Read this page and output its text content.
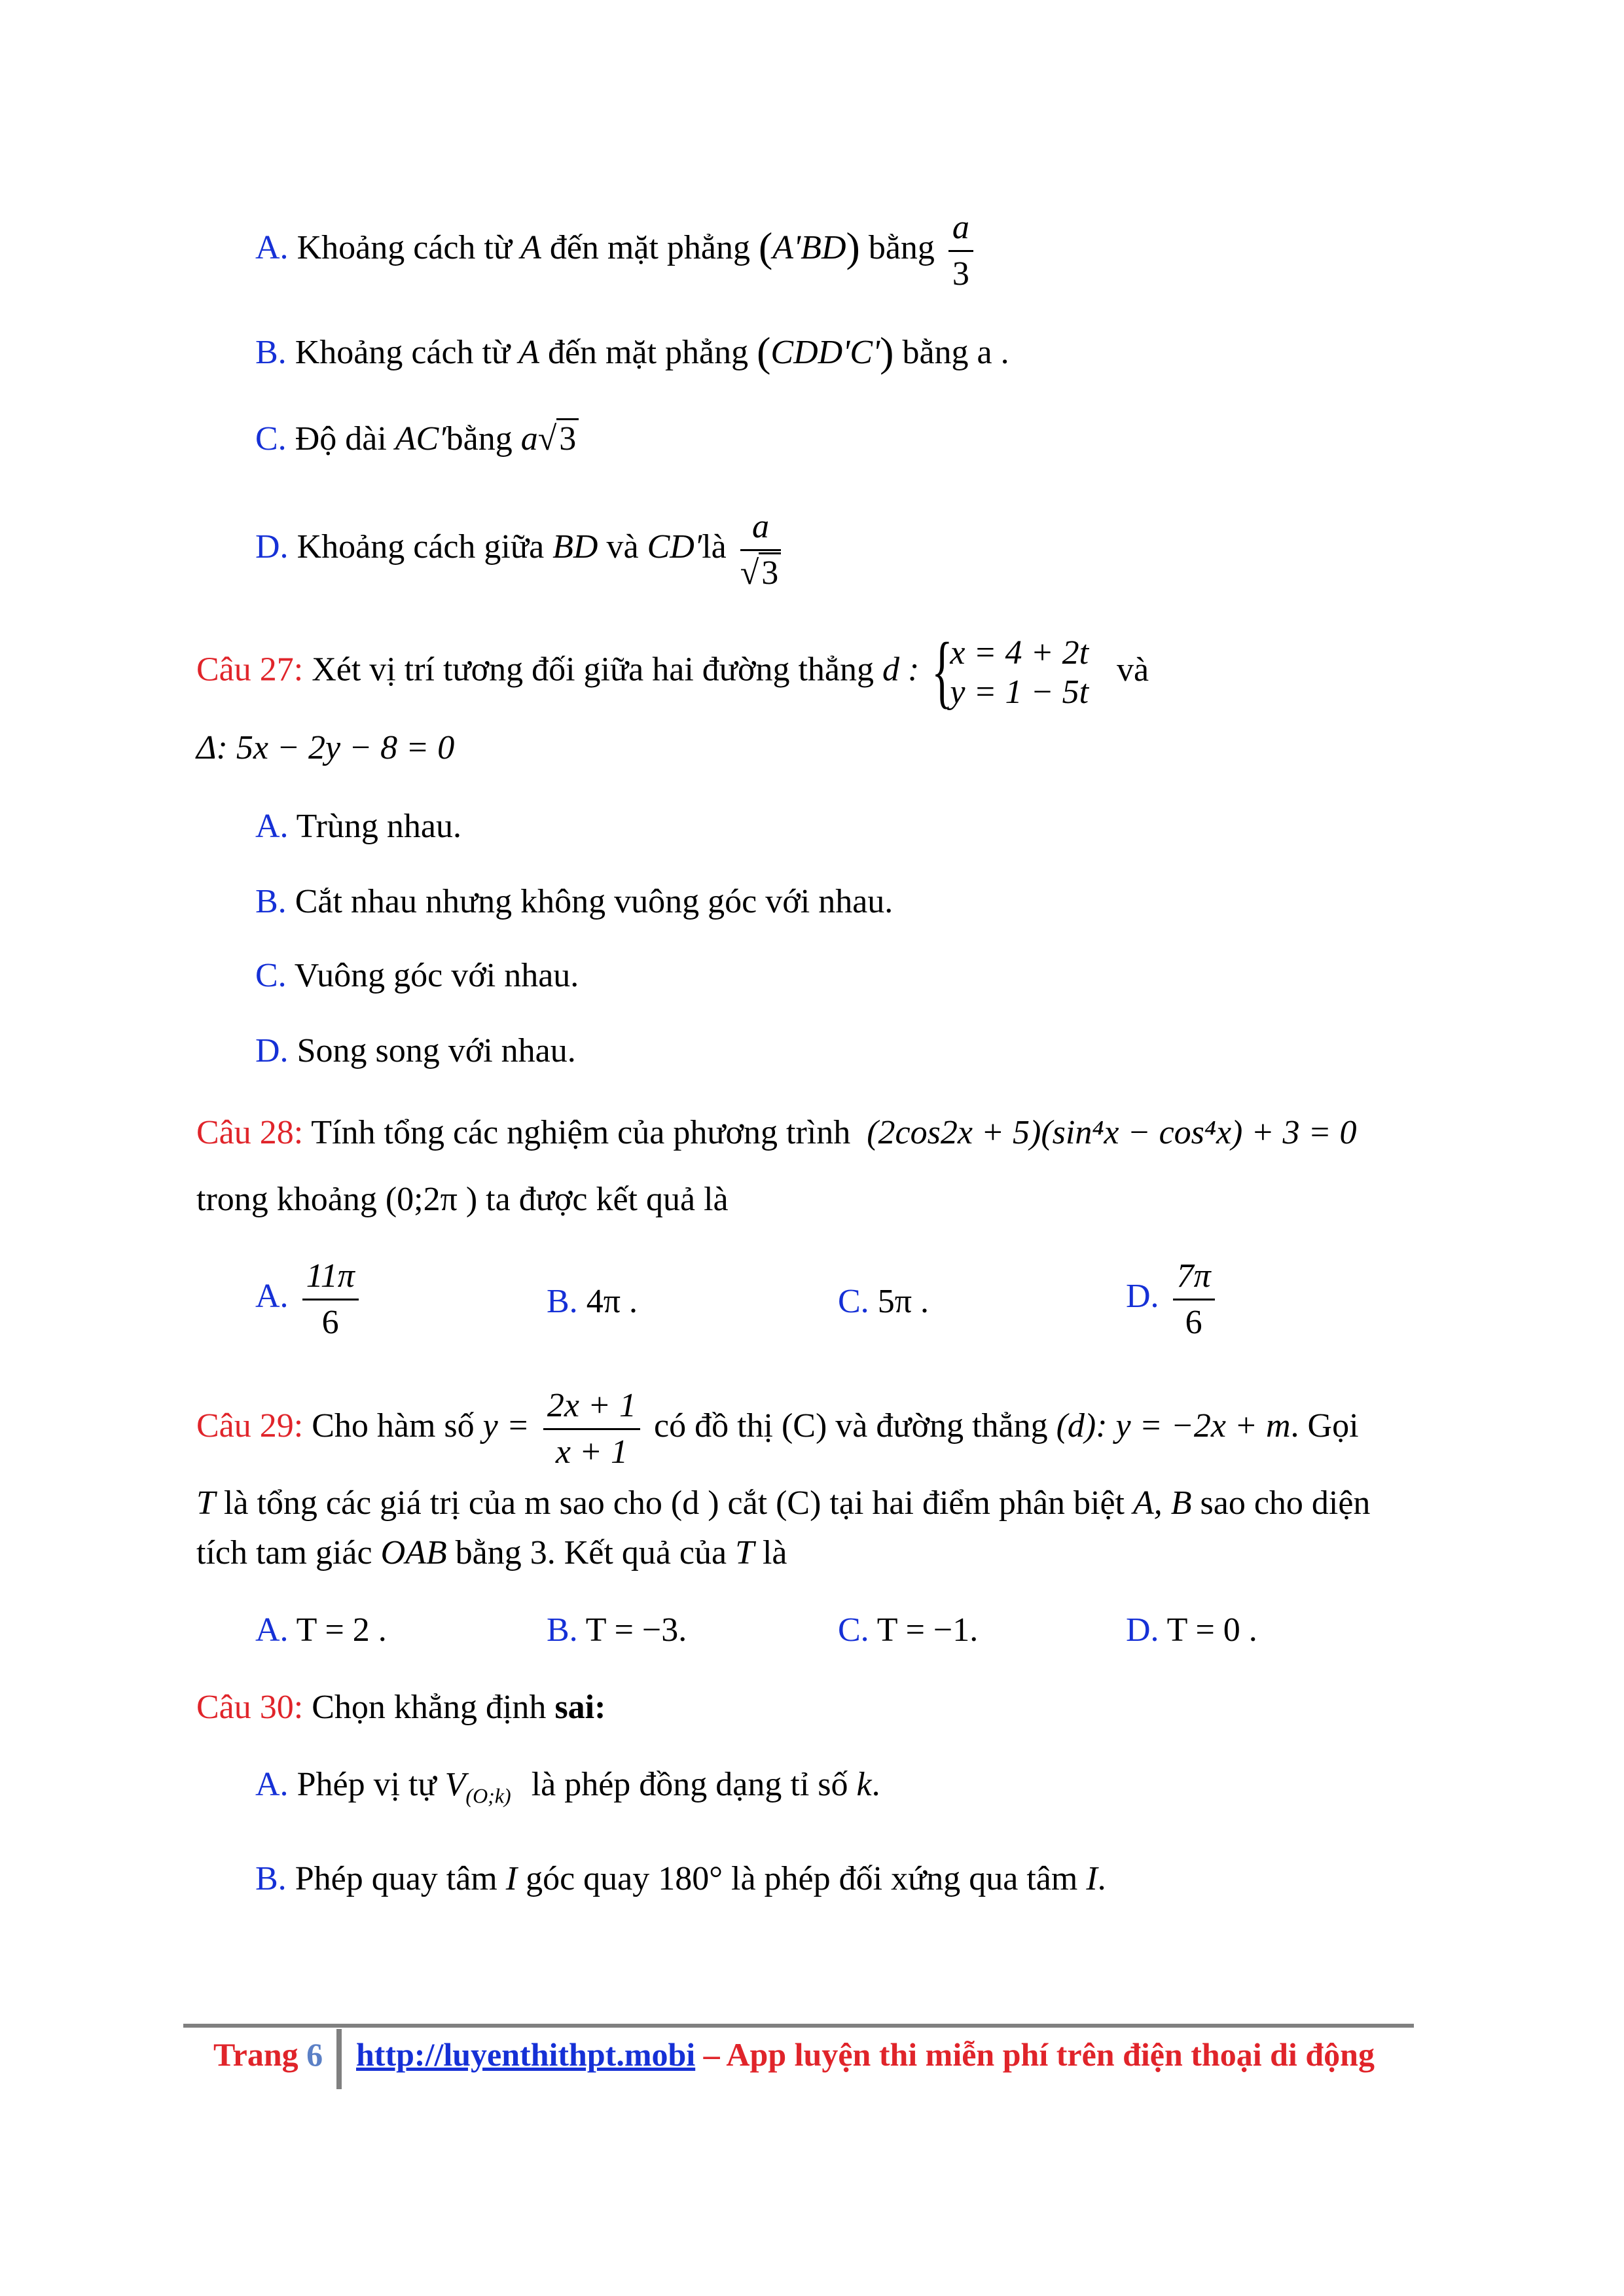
A. Khoảng cách từ A đến mặt phẳng (A'BD) bằng $\frac{a}{3}$
B. Khoảng cách từ A đến mặt phẳng (CDD'C') bằng a .
C. Độ dài AC′bằng a√3
D. Khoảng cách giữa BD và CD′là $\frac{a}{√3}$
Câu 27: Xét vị trí tương đối giữa hai đường thẳng d : {
x = 4 + 2t
y = 1 − 5t
và
Δ: 5x − 2y − 8 = 0
A. Trùng nhau.
B. Cắt nhau nhưng không vuông góc với nhau.
C. Vuông góc với nhau.
D. Song song với nhau.
Câu 28: Tính tổng các nghiệm của phương trình (2cos2x + 5)(sin⁴x − cos⁴x) + 3 = 0
trong khoảng (0;2π ) ta được kết quả là
A. $\frac{11\pi}{6}$	B. 4π .	C. 5π .	D. $\frac{7\pi}{6}$
Câu 29: Cho hàm số $y = \frac{2x + 1}{x + 1}$ có đồ thị (C) và đường thẳng (d): y = −2x + m. Gọi
T là tổng các giá trị của m sao cho (d ) cắt (C) tại hai điểm phân biệt A, B sao cho diện
tích tam giác OAB bằng 3. Kết quả của T là
A. T = 2 .	B. T = −3.	C. T = −1.	D. T = 0 .
Câu 30: Chọn khẳng định sai:
A. Phép vị tự $V_{(O;k)}$ là phép đồng dạng tỉ số k.
B. Phép quay tâm I góc quay 180° là phép đối xứng qua tâm I.
Trang 6 http://luyenthithpt.mobi – App luyện thi miễn phí trên điện thoại di động
